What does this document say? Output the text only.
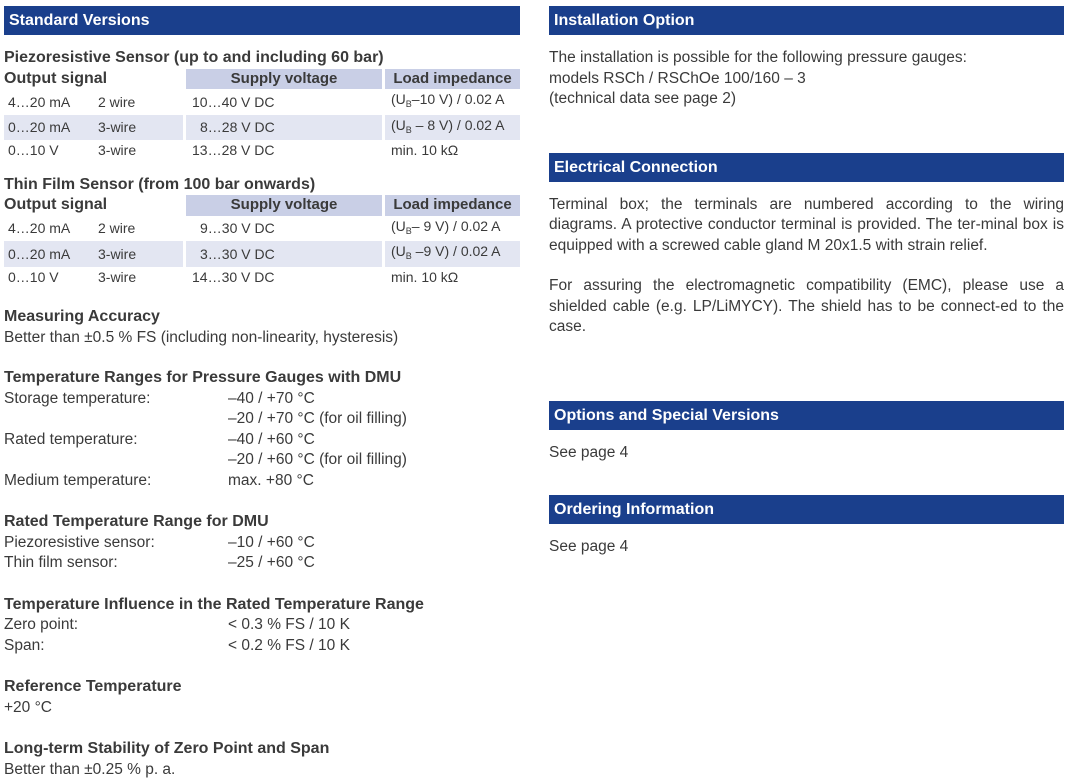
Standard Versions
Piezoresistive Sensor (up to and including 60 bar)
Output signal		Supply voltage	Load impedance
4…20 mA	2 wire	10…40 V DC	($U_B-10$ V) / 0.02 A
0…20 mA	3-wire	8…28 V DC	($U_B - 8$ V) / 0.02 A
0…10 V	3-wire	13…28 V DC	min. 10 kΩ
Thin Film Sensor (from 100 bar onwards)
Output signal		Supply voltage	Load impedance
4…20 mA	2 wire	9…30 V DC	($U_B-$ 9 V) / 0.02 A
0…20 mA	3-wire	3…30 V DC	($U_B$ –9 V) / 0.02 A
0…10 V	3-wire	14…30 V DC	min. 10 kΩ
Measuring Accuracy
Better than ±0.5 % FS (including non-linearity, hysteresis)
Temperature Ranges for Pressure Gauges with DMU
Storage temperature:	–40 / +70 °C
–20 / +70 °C (for oil filling)
Rated temperature:	–40 / +60 °C
–20 / +60 °C (for oil filling)
Medium temperature:	max. +80 °C
Rated Temperature Range for DMU
Piezoresistive sensor:	–10 / +60 °C
Thin film sensor:	–25 / +60 °C
Temperature Influence in the Rated Temperature Range
Zero point:	< 0.3 % FS / 10 K
Span:	< 0.2 % FS / 10 K
Reference Temperature
+20 °C
Long-term Stability of Zero Point and Span
Better than ±0.25 % p. a.
Installation Option
The installation is possible for the following pressure gauges:
models RSCh / RSChOe 100/160 – 3
(technical data see page 2)
Electrical Connection

Terminal box; the terminals are numbered according to the wiring diagrams. A protective conductor terminal is provided. The ter-minal box is equipped with a screwed cable gland M 20x1.5 with strain relief.

For assuring the electromagnetic compatibility (EMC), please use a shielded cable (e.g. LP/LiMYCY). The shield has to be connect-ed to the case.

Options and Special Versions
See page 4
Ordering Information
See page 4
